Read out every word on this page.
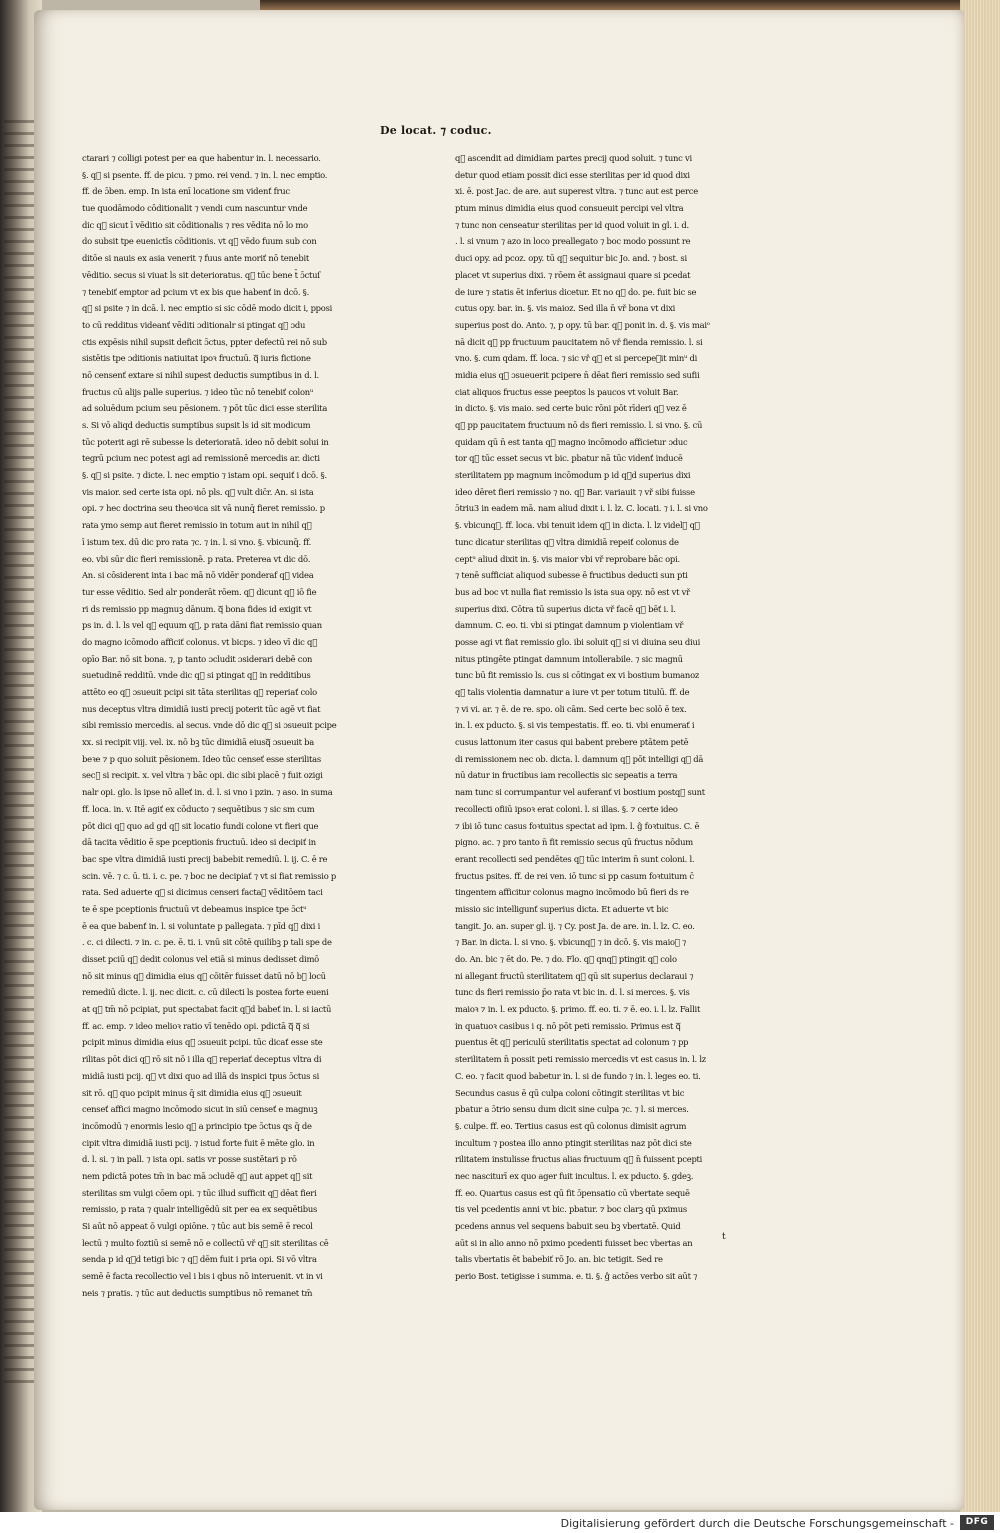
De locat. ⁊ coduc.
ctarari ⁊ colligi potest per ea que habentur in. l. necessario.
§. qᷓ si psente. ff. de picu. ⁊ pmo. rei vend. ⁊ in. l. nec emptio.
ff. de ɔ̄ben. emp. In ista enī locatione sm videnť fruc
tue quodāmodo cōditionalit ⁊ vendi cum nascuntur vnde
dic qᷓ sicut ī vēditio sit cōditionalis ⁊ res vēdita nō lo mo
do subsit tpe euenictīs cōditionis. vt qᷓ vēdo fuum sub con
ditōe si nauis ex asia venerit ⁊ fuus ante moriť nō tenebit
vēditio. secus si viuat ls sit deterioratus. qᷓ tūc bene t̄ ɔ̄ctuſ
⁊ tenebiť emptor ad pcium vt ex bis que habenť in dcō. §.
qᷓ si psite ⁊ in dcā. l. nec emptio si sic cōdē modo dicit i, pposi
to cū redditus videanť vēditi ɔditionalr si ptingat qᷓ ɔdu
ctis expēsis nihil supsit deficit ɔ̄ctus, ppter defectū rei nō sub
sistētis tpe ɔditionis natiuitat ipoꝛ fructuū. qᷓ iuris fictione
nō censenť extare si nihil supest deductis sumptibus in d. l.
fructus cū alijs palle superius. ⁊ ideo tūc nō tenebiť colonᵘ
ad soluēdum pcium seu pēsionem. ⁊ pōt tūc dici esse sterilita
s. Si vō aliqd deductis sumptibus supsit ls id sit modicum
tūc poterit agi rē subesse ls deterioratā. ideo nō debit solui in
tegrū pcium nec potest agi ad remissionē mercedis ar. dicti
§. qᷓ si psite. ⁊ dicte. l. nec emptio ⁊ istam opi. sequiť i dcō. §.
vis maior. sed certe ista opi. nō pls. qᷓ vult dic̄r. An. si ista
opi. ⁊ hec doctrina seu theoꝛica sit vā nunq̄ fieret remissio. p
rata ymo semp aut fieret remissio in totum aut in nihil qᷓ
ī istum tex. dū dic pro rata ⁊c. ⁊ in. l. si vno. §. vbicunq̄. ff.
eo. vbi sūr dic fieri remissionē. p rata. Preterea vt dic dō.
An. si cōsiderent inta i bac mā nō vidēr ponderaf qᷓ videa
tur esse vēditio. Sed alr ponderāt rōem. qᷓ dicunt qᷓ iō fie
ri ds remissio pp magnuꝫ dānum. qᷓ bona fides id exigit vt
ps in. d. l. ls vel qᷓ equum qᷓ, p rata dāni fiat remissio quan
do magno icōmodo afficiť colonus. vt bicps. ⁊ ideo vī dic qᷓ
opīo Bar. nō sit bona. ⁊, p tanto ɔcludit ɔsiderari debē con
suetudinē redditū. vnde dic qᷓ si ptingat qᷓ in redditibus
attēto eo qᷓ ɔsueuit pcipi sit tāta sterilitas qᷓ reperiať colo
nus deceptus vltra dimidiā iusti precij poterit tūc agē vt fiat
sibi remissio mercedis. al secus. vnde dō dic qᷓ si ɔsueuit pcipe
xx. si recipit viij. vel. ix. nō bꝫ tūc dimidiā eiusqᷓ ɔsueuit ba
beꝛe ⁊ p quo soluit pēsionem. Ideo tūc censeť esse sterilitas
secᷓ si recipit. x. vel vltra ⁊ bāc opi. dic sibi placē ⁊ fuit ozigi
nalr opi. glo. ls ipse nō alleť in. d. l. si vno i pzin. ⁊ aso. in suma
ff. loca. in. v. Itē agiť ex cōducto ⁊ sequētibus ⁊ sic sm cum
pōt dici qᷓ quo ad gd qᷓ sit locatio fundi colone vt fieri que
dā tacita vēditio ē spe pceptionis fructuū. ideo si decipiť in
bac spe vltra dimidiā iusti precij babebit remediū. l. ij. C. ē re
scin. vē. ⁊ c. ū. ti. i. c. pe. ⁊ boc ne decipiať ⁊ vt si fiat remissio p
rata. Sed aduerte qᷓ si dicimus censeri factaꝫ vēditōem taci
te ē spe pceptionis fructuū vt debeamus inspice tpe ɔ̄ctᵘ
ē ea que babenť in. l. si voluntate p pallegata. ⁊ pīd qᷓ dixi i
. c. ci dilecti. ⁊ in. c. pe. ē. ti. i. vnū sit cōtē quilibꝫ p tali spe de
disset pciū qᷓ dedit colonus vel etiā si minus dedisset dimō
nō sit minus qᷓ dimidia eius qᷓ cōitēr fuisset datū nō bꝫ locū
remediū dicte. l. ij. nec dicit. c. cū dilecti ls postea forte eueni
at qᷓ tm̄ nō pcipiat, put spectabat facit qᷓd babeť in. l. si iactū
ff. ac. emp. ⁊ ideo melioꝛ ratio vī tenēdo opi. pdictā qᷓ qᷓ si
pcipit minus dimidia eius qᷓ ɔsueuit pcipi. tūc dicať esse ste
rilitas pōt dici qᷓ rō sit nō i illa qᷓ reperiať deceptus vltra di
midiā iusti pcij. qᷓ vt dixi quo ad illā ds inspici tpus ɔ̄ctus si
sit rō. qᷓ quo pcipit minus q̄ sit dimidia eius qᷓ ɔsueuit
censeť affici magno incōmodo sicut in siū censeť e magnuꝫ
incōmodū ⁊ enormis lesio qᷓ a principio tpe ɔ̄ctus qs q̄ de
cipit vltra dimidiā iusti pcij. ⁊ istud forte fuit ē mēte glo. in
d. l. si. ⁊ in pall. ⁊ ista opi. satis vr posse sustētari p rō
nem pdictā potes tm̄ in bac mā ɔcludē qᷓ aut appet qᷓ sit
sterilitas sm vulgi cōem opi. ⁊ tūc illud sufficit qᷓ dēat fieri
remissio, p rata ⁊ qualr intelligēdū sit per ea ex sequētibus
Si aūt nō appeat ō vulgi opiōne. ⁊ tūc aut bis semē ē recol
lectū ⁊ multo foztiū si semē nō e collectū vř qᷓ sit sterilitas cē
senda p id qᷓd tetigi bic ⁊ qᷓ dēm fuit i pria opi. Si vō vltra
semē ē facta recollectio vel i bis i qbus nō interuenit. vt in vi
neis ⁊ pratis. ⁊ tūc aut deductis sumptibus nō remanet tm̄
qᷓ ascendit ad dimidiam partes precij quod soluit. ⁊ tunc vi
detur quod etiam possit dici esse sterilitas per id quod dixi
xi. ē. post Jac. de are. aut superest vltra. ⁊ tunc aut est perce
ptum minus dimidia eius quod consueuit percipi vel vltra
⁊ tunc non censeatur sterilitas per id quod voluit in gl. i. d.
. l. si vnum ⁊ azo in loco preallegato ⁊ boc modo possunt re
duci opy. ad pcoz. opy. tū qᷓ sequitur bic Jo. and. ⁊ bost. si
placet vt superius dixi. ⁊ rōem ēt assignaui quare si pcedat
de iure ⁊ statis ēt inferius dicetur. Et no qᷓ do. pe. fuit bic se
cutus opy. bar. in. §. vis maioz. Sed illa n̄ vř bona vt dixi
superius post do. Anto. ⁊, p opy. tū bar. qᷓ ponit in. d. §. vis maiᵒ
nā dicit qᷓ pp fructuum paucitatem nō vř fienda remissio. l. si
vno. §. cum qdam. ff. loca. ⁊ sic vř qᷓ et si percepeꝛit minᵘ di
midia eius qᷓ ɔsueuerit pcipere n̄ dēat fieri remissio sed sufii
ciat aliquos fructus esse peeptos ls paucos vt voluit Bar.
in dicto. §. vis maio. sed certe buic rōni pōt rīderi qᷓ vez ē
qᷓ pp paucitatem fructuum nō ds fieri remissio. l. si vno. §. cū
quidam qū n̄ est tanta qᷓ magno incōmodo afficietur ɔduc
tor qᷓ tūc esset secus vt bic. pbatur nā tūc videnť inducē
sterilitatem pp magnum incōmodum p id qᷓd superius dixi
ideo dēret fieri remissio ⁊ no. qᷓ Bar. variauit ⁊ vř sibi fuisse
ɔ̄triu3 in eadem mā. nam aliud dixit i. l. lz. C. locati. ⁊ i. l. si vno
§. vbicunqᷓ. ff. loca. vbi tenuit idem qᷓ in dicta. l. lz videlꝫ qᷓ
tunc dicatur sterilitas qᷓ vltra dimidiā repeiť colonus de
ceptᵘ aliud dixit in. §. vis maior vbi vř reprobare bāc opi.
⁊ tenē sufficiat aliquod subesse ē fructibus deducti sun pti
bus ad boc vt nulla fiat remissio ls ista sua opy. nō est vt vř
superius dixi. Cōtra tū superius dicta vř facē qᷓ bēť i. l.
damnum. C. eo. ti. vbi si ptingat damnum p violentiam vř
posse agi vt fiat remissio glo. ibi soluit qᷓ si vi diuina seu diui
nitus ptingēte ptingat damnum intollerabile. ⁊ sic magnū
tunc bū fit remissio ls. cus si cōtingat ex vi bostium bumanoz
qᷓ talis violentia damnatur a iure vt per totum titulū. ff. de
⁊ vi vi. ar. ⁊ ē. de re. spo. oli cām. Sed certe bec solō ē tex.
in. l. ex pducto. §. si vis tempestatis. ff. eo. ti. vbi enumerať i
cusus lattonum iter casus qui babent prebere ptātem petē
di remissionem nec ob. dicta. l. damnum qᷓ pōt intelligi qᷓ dā
nū datur in fructibus iam recollectis sic sepeatis a terra
nam tunc si corrumpantur vel auferanť vi bostium postqᷓ sunt
recollecti ofiiū ipsoꝛ erat coloni. l. si illas. §. ⁊ certe ideo
⁊ ibi iō tunc casus foꝛtuitus spectat ad ipm. l. ĝ foꝛtuitus. C. ē
pigno. ac. ⁊ pro tanto n̄ fit remissio secus qū fructus nōdum
erant recollecti sed pendētes qᷓ tūc interim n̄ sunt coloni. l.
fructus psites. ff. de rei ven. iō tunc si pp casum foꝛtuitum c̄
tingentem afficitur colonus magno incōmodo bū fieri ds re
missio sic intelligunť superius dicta. Et aduerte vt bic
tangit. Jo. an. super gl. ij. ⁊ Cy. post Ja. de are. in. l. lz. C. eo.
⁊ Bar. in dicta. l. si vno. §. vbicunqᷓ ⁊ in dcō. §. vis maioꝛ ⁊
do. An. bic ⁊ ēt do. Pe. ⁊ do. Flo. qᷓ qnqꝫ ptingit qᷓ colo
ni allegant fructū sterilitatem qᷓ qū sit superius declaraui ⁊
tunc ds fieri remissio p̄o rata vt bic in. d. l. si merces. §. vis
maioꝛ ⁊ in. l. ex pducto. §. primo. ff. eo. ti. ⁊ ē. eo. i. l. lz. Fallit
in quatuoꝛ casibus i q. nō pōt peti remissio. Primus est qᷓ
puentus ēt qᷓ periculū sterilitatis spectat ad colonum ⁊ pp
sterilitatem n̄ possit peti remissio mercedis vt est casus in. l. lz
C. eo. ⁊ facit quod babetur in. l. si de fundo ⁊ in. l. leges eo. ti.
Secundus casus ē qū culpa coloni cōtingit sterilitas vt bic
pbatur a ɔ̄trio sensu dum dicit sine culpa ⁊c. ⁊ l. si merces.
§. culpe. ff. eo. Tertius casus est qū colonus dimisit agrum
incultum ⁊ postea illo anno ptingit sterilitas naz pōt dici ste
rilitatem instulisse fructus alias fructuum qᷓ n̄ fuissent pcepti
nec nasciturī ex quo ager fuit incultus. l. ex pducto. §. gdeꝫ.
ff. eo. Quartus casus est qū fit ɔ̄pensatio cū vbertate sequē
tis vel pcedentis anni vt bic. pbatur. ⁊ boc clarꝫ qū pximus
pcedens annus vel sequens babuit seu bꝫ vbertatē. Quid
aūt si in alio anno nō pximo pcedenti fuisset bec vbertas an
talis vbertatis ēt babebiť rō Jo. an. bic tetigit. Sed re
perio Bost. tetigisse i summa. e. ti. §. ĝ actōes verbo sit aūt ⁊
t
Digitalisierung gefördert durch die Deutsche Forschungsgemeinschaft -	DFG
